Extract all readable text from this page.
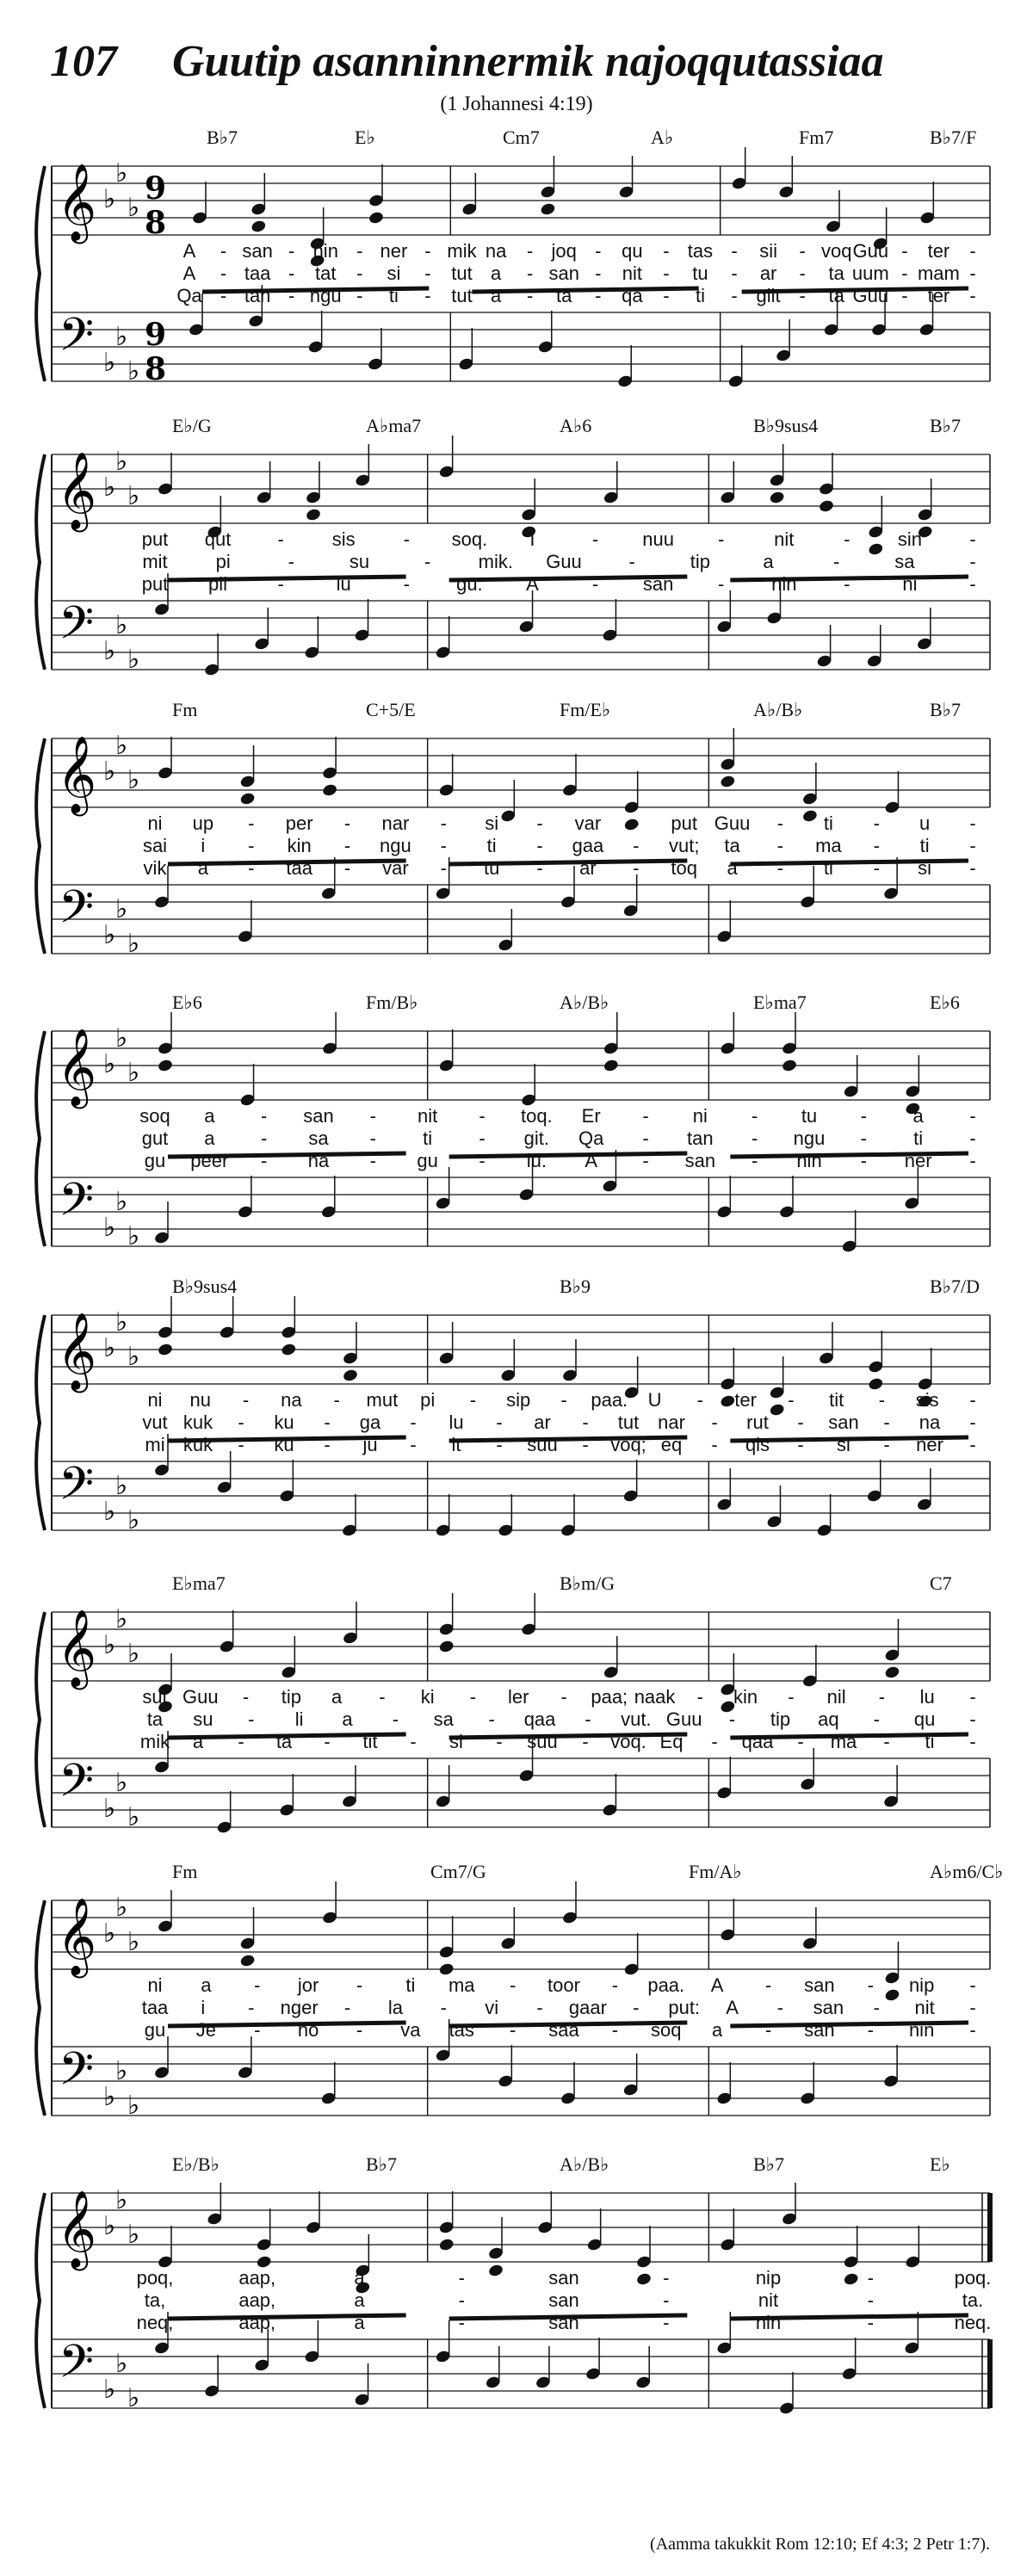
107 Guutip asanninnermik najoqqutassiaa
(1 Johannesi 4:19)
𝄞
𝄢
♭
♭
♭
♭
♭
♭
9
8
9
8
B♭7	E♭	Cm7	A♭	Fm7	B♭7/F
A - san - nin - ner - mik na - joq - qu - tas - sii - voq Guu - ter -
A - taa - tat - si - tut a - san - nit - tu - ar - ta uum - mam -
Qa - tan - ngu - ti - tut a - ta - qa - ti - giit - ta Guu - ter -
𝄞
𝄢
♭
♭
♭
♭
♭
♭
E♭/G	A♭ma7	A♭6	B♭9sus4	B♭7
put qut -	sis	- soq. I	- nuu -	nit	-	sin	-
mit	pi	-	su	-	mik. Guu -	tip	a	-	sa	-
put pil	-	lu	- gu. A	- san - nin -	ni	-
𝄞
𝄢
♭
♭
♭
♭
♭
♭
Fm	C+5/E	Fm/E♭	A♭/B♭	B♭7
ni up - per - nar - si - var - put Guu - ti - u -
sai i - kin - ngu - ti - gaa - vut; ta - ma - ti -
vik a - taa - var - tu - ar - toq a - ti - si -
𝄞
𝄢
♭
♭
♭
♭
♭
♭
E♭6	Fm/B♭	A♭/B♭	E♭ma7	E♭6
soq a - san - nit - toq. Er - ni - tu - a -
gut a - sa - ti - git. Qa - tan - ngu - ti -
gu peer - na - gu - lu. A - san - nin - ner -
𝄞
𝄢
♭
♭
♭
♭
♭
♭
B♭9sus4	B♭9	B♭7/D
ni nu - na - mut pi - sip - paa. U - ter - tit - sis -
vut kuk - ku - ga - lu - ar - tut nar - rut - san - na -
mi kuk - ku - ju - it - suu - voq; eq - qis - si - ner -
𝄞
𝄢
♭
♭
♭
♭
♭
♭
E♭ma7	B♭m/G	C7
sut Guu - tip a - ki - ler - paa; naak - kin - nil - lu -
ta su - li a - sa - qaa - vut. Guu - tip aq - qu -
mik a - ta - tit - si - suu - voq. Eq - qaa - ma - ti -
𝄞
𝄢
♭
♭
♭
♭
♭
♭
Fm	Cm7/G	Fm/A♭	A♭m6/C♭
ni a - jor - ti ma - toor - paa. A - san - nip -
taa i - nger - la - vi - gaar - put: A - san - nit -
gu Je - ho - va tas - saa - soq a - san - nin -
𝄞
𝄢
♭
♭
♭
♭
♭
♭
E♭/B♭	B♭7	A♭/B♭	B♭7	E♭
poq,	aap,	a	-	san	-	nip	-	poq.
ta,	aap,	a	-	san	-	nit	-	ta.
neq,	aap,	a	-	san	-	nin	-	neq.
(Aamma takukkit Rom 12:10; Ef 4:3; 2 Petr 1:7).
